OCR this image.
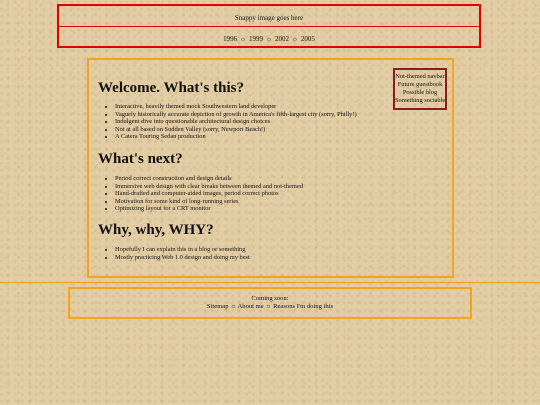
Snappy image goes here
1996 ☼ 1999 ☼ 2002 ☼ 2005
Not-themed navbar
Future guestbook
Possible blog
Something sociable
Welcome. What's this?
• Interactive, heavily themed mock Southwestern land developer
• Vaguely historically accurate depiction of growth in America's fifth-largest city (sorry, Philly!)
• Indulgent dive into questionable architectural design choices
• Not at all based on Sudden Valley (sorry, Newport Beach!)
• A Catera Touring Sedan production
What's next?
• Period correct construction and design details
• Immersive web design with clear breaks between themed and not-themed
• Hand-drafted and computer-aided images, period correct photos
• Motivation for some kind of long-running series
• Optimizing layout for a CRT monitor
Why, why, WHY?
• Hopefully I can explain this in a blog or something
• Mostly practicing Web 1.0 design and doing my best
Coming soon:
Sitemap ☼ About me ☼ Reasons I'm doing this
